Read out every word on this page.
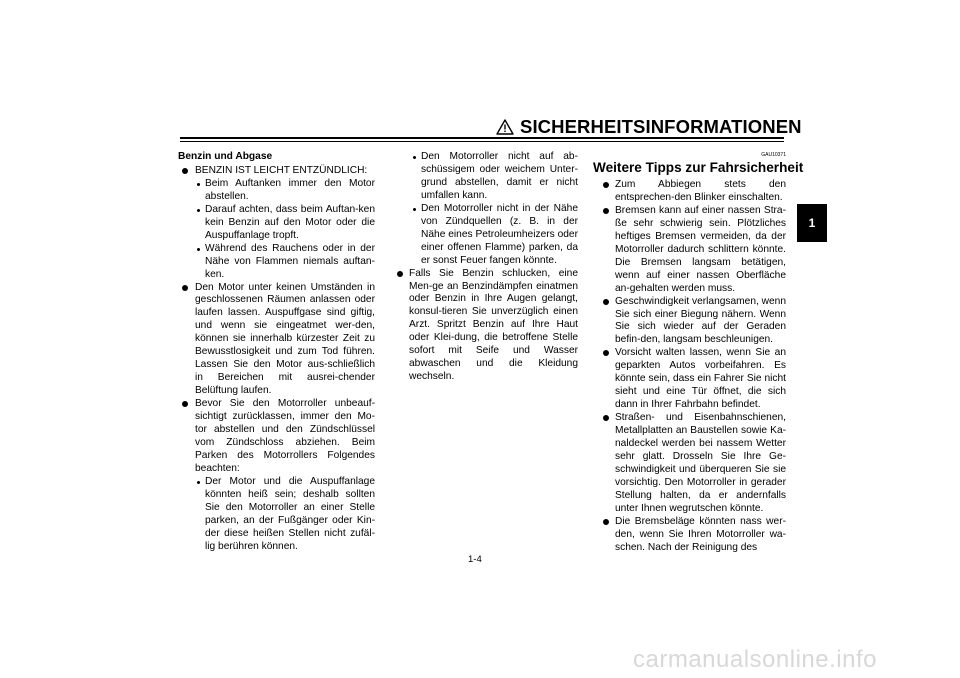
SICHERHEITSINFORMATIONEN
1
Benzin und Abgase
BENZIN IST LEICHT ENTZÜNDLICH:
Beim Auftanken immer den Motor abstellen.
Darauf achten, dass beim Auftan-ken kein Benzin auf den Motor oder die Auspuffanlage tropft.
Während des Rauchens oder in der Nähe von Flammen niemals auftan-ken.
Den Motor unter keinen Umständen in geschlossenen Räumen anlassen oder laufen lassen. Auspuffgase sind giftig, und wenn sie eingeatmet wer-den, können sie innerhalb kürzester Zeit zu Bewusstlosigkeit und zum Tod führen. Lassen Sie den Motor aus-schließlich in Bereichen mit ausrei-chender Belüftung laufen.
Bevor Sie den Motorroller unbeauf-sichtigt zurücklassen, immer den Mo-tor abstellen und den Zündschlüssel vom Zündschloss abziehen. Beim Parken des Motorrollers Folgendes beachten:
Der Motor und die Auspuffanlage könnten heiß sein; deshalb sollten Sie den Motorroller an einer Stelle parken, an der Fußgänger oder Kin-der diese heißen Stellen nicht zufäl-lig berühren können.
Den Motorroller nicht auf ab-schüssigem oder weichem Unter-grund abstellen, damit er nicht umfallen kann.
Den Motorroller nicht in der Nähe von Zündquellen (z. B. in der Nähe eines Petroleumheizers oder einer offenen Flamme) parken, da er sonst Feuer fangen könnte.
Falls Sie Benzin schlucken, eine Men-ge an Benzindämpfen einatmen oder Benzin in Ihre Augen gelangt, konsul-tieren Sie unverzüglich einen Arzt. Spritzt Benzin auf Ihre Haut oder Klei-dung, die betroffene Stelle sofort mit Seife und Wasser abwaschen und die Kleidung wechseln.
GAU10371
Weitere Tipps zur Fahrsicherheit
Zum Abbiegen stets den entsprechen-den Blinker einschalten.
Bremsen kann auf einer nassen Stra-ße sehr schwierig sein. Plötzliches heftiges Bremsen vermeiden, da der Motorroller dadurch schlittern könnte. Die Bremsen langsam betätigen, wenn auf einer nassen Oberfläche an-gehalten werden muss.
Geschwindigkeit verlangsamen, wenn Sie sich einer Biegung nähern. Wenn Sie sich wieder auf der Geraden befin-den, langsam beschleunigen.
Vorsicht walten lassen, wenn Sie an geparkten Autos vorbeifahren. Es könnte sein, dass ein Fahrer Sie nicht sieht und eine Tür öffnet, die sich dann in Ihrer Fahrbahn befindet.
Straßen- und Eisenbahnschienen, Metallplatten an Baustellen sowie Ka-naldeckel werden bei nassem Wetter sehr glatt. Drosseln Sie Ihre Ge-schwindigkeit und überqueren Sie sie vorsichtig. Den Motorroller in gerader Stellung halten, da er andernfalls unter Ihnen wegrutschen könnte.
Die Bremsbeläge könnten nass wer-den, wenn Sie Ihren Motorroller wa-schen. Nach der Reinigung des
1-4
carmanualsonline.info
